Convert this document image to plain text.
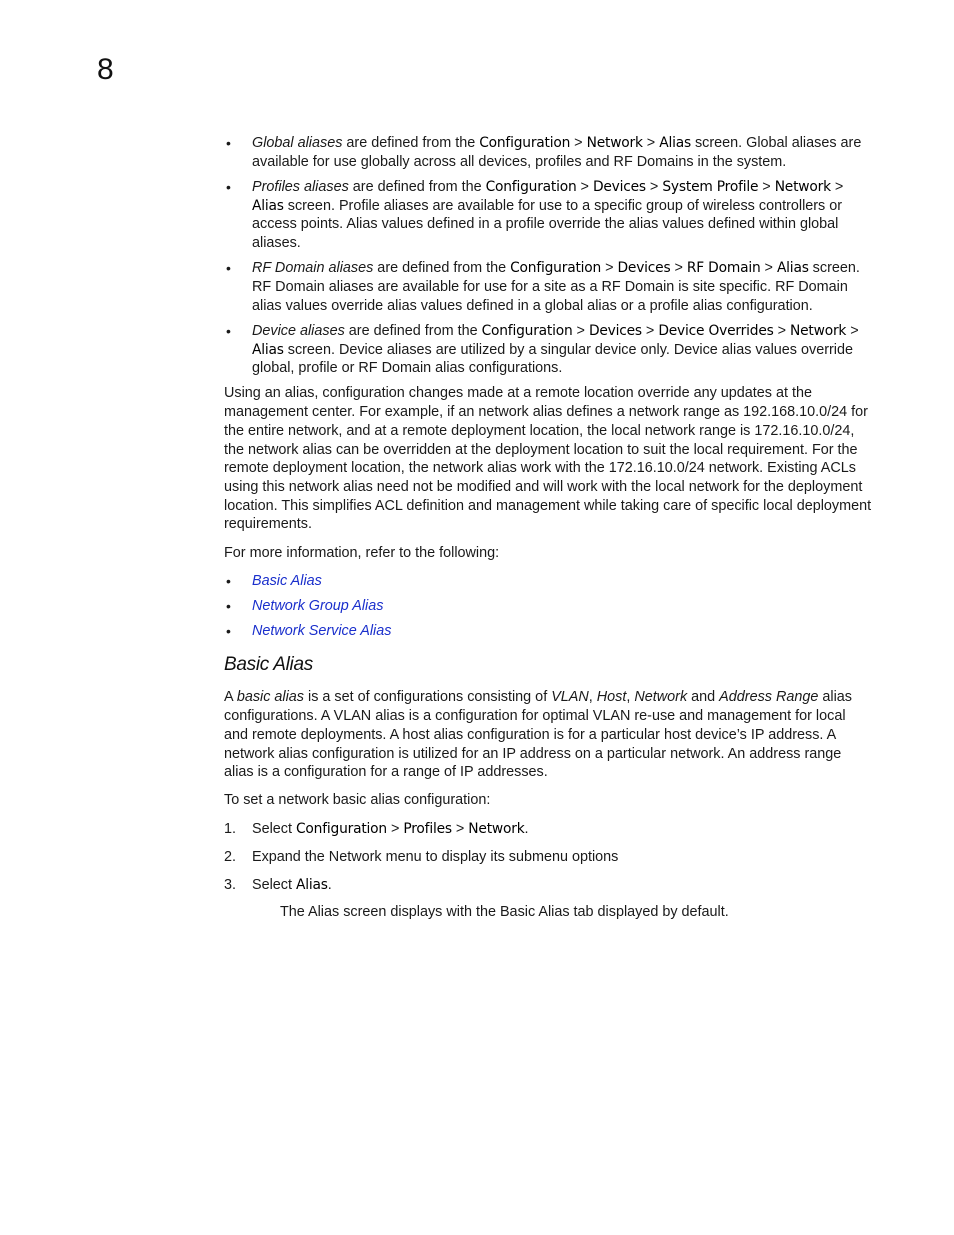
8
• Global aliases are defined from the Configuration > Network > Alias screen. Global aliases are available for use globally across all devices, profiles and RF Domains in the system.
• Profiles aliases are defined from the Configuration > Devices > System Profile > Network > Alias screen. Profile aliases are available for use to a specific group of wireless controllers or access points. Alias values defined in a profile override the alias values defined within global aliases.
• RF Domain aliases are defined from the Configuration > Devices > RF Domain > Alias screen. RF Domain aliases are available for use for a site as a RF Domain is site specific. RF Domain alias values override alias values defined in a global alias or a profile alias configuration.
• Device aliases are defined from the Configuration > Devices > Device Overrides > Network > Alias screen. Device aliases are utilized by a singular device only. Device alias values override global, profile or RF Domain alias configurations.

Using an alias, configuration changes made at a remote location override any updates at the management center. For example, if an network alias defines a network range as 192.168.10.0/24 for the entire network, and at a remote deployment location, the local network range is 172.16.10.0/24, the network alias can be overridden at the deployment location to suit the local requirement. For the remote deployment location, the network alias work with the 172.16.10.0/24 network. Existing ACLs using this network alias need not be modified and will work with the local network for the deployment location. This simplifies ACL definition and management while taking care of specific local deployment requirements.

For more information, refer to the following:

• Basic Alias
• Network Group Alias
• Network Service Alias
Basic Alias

A basic alias is a set of configurations consisting of VLAN, Host, Network and Address Range alias configurations. A VLAN alias is a configuration for optimal VLAN re-use and management for local and remote deployments. A host alias configuration is for a particular host device’s IP address. A network alias configuration is utilized for an IP address on a particular network. An address range alias is a configuration for a range of IP addresses.

To set a network basic alias configuration:

1. Select Configuration > Profiles > Network.
2. Expand the Network menu to display its submenu options
3. Select Alias.

The Alias screen displays with the Basic Alias tab displayed by default.
